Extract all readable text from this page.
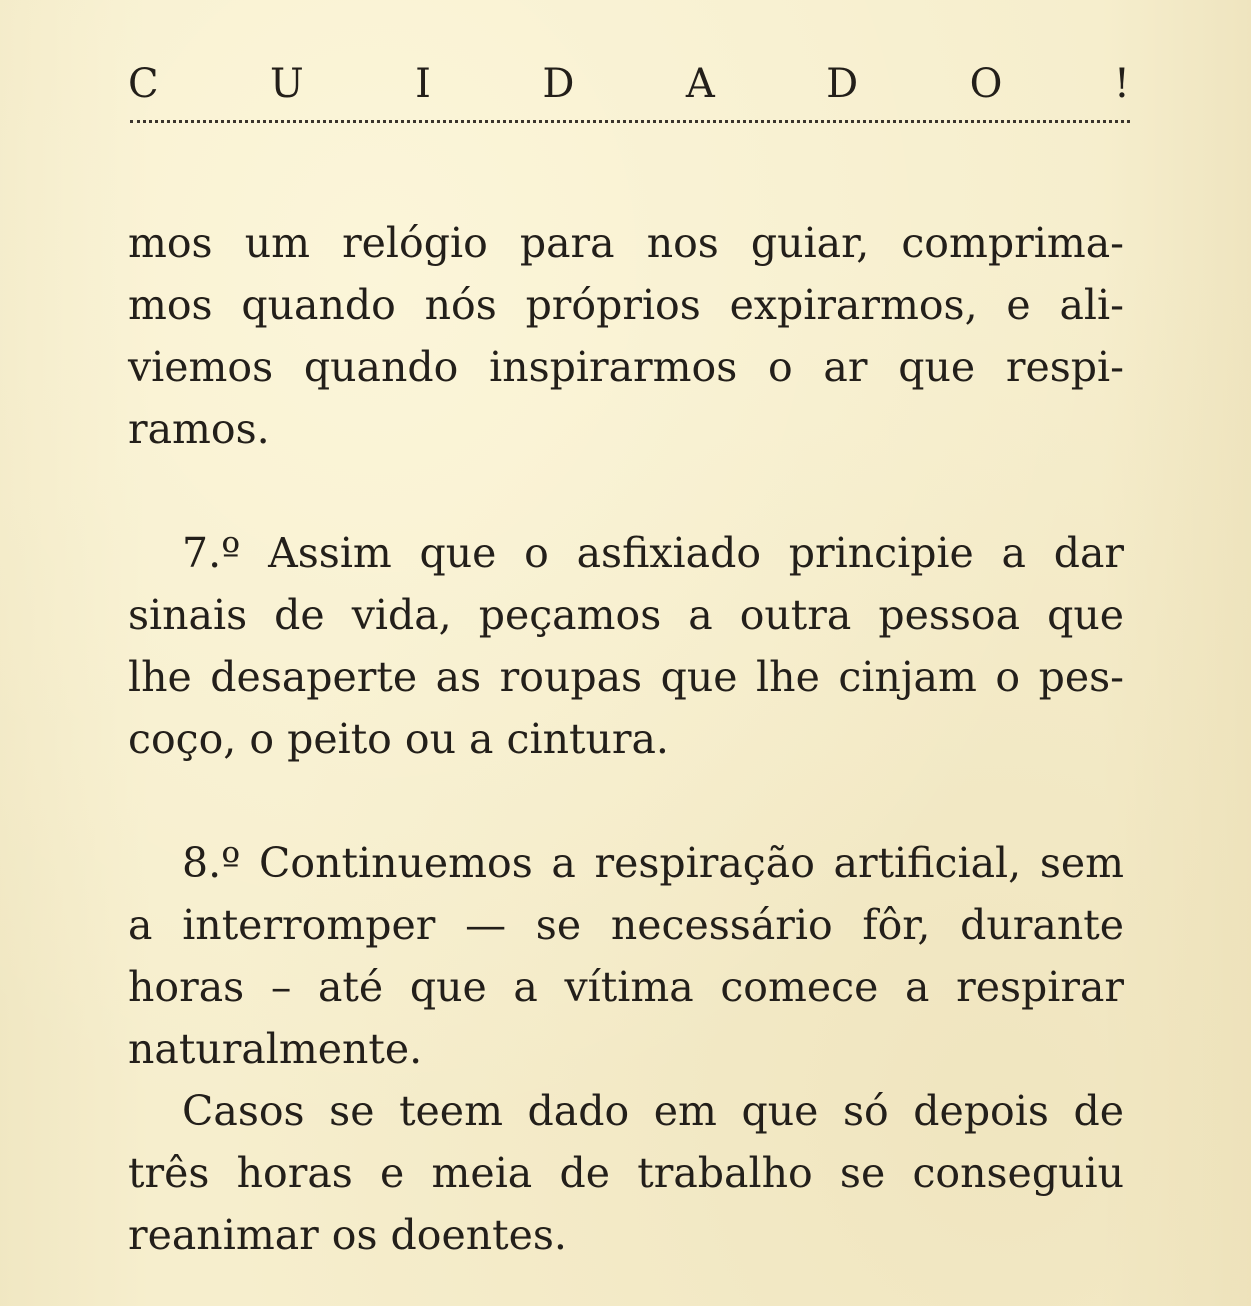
C	U	I	D	A	D	O	!

mos um relógio para nos guiar, comprima-
mos quando nós próprios expirarmos, e ali-
viemos quando inspirarmos o ar que respi-
ramos.

7.º Assim que o asfixiado principie a dar
sinais de vida, peçamos a outra pessoa que
lhe desaperte as roupas que lhe cinjam o pes-
coço, o peito ou a cintura.

8.º Continuemos a respiração artificial, sem
a interromper — se necessário fôr, durante
horas – até que a vítima comece a respirar
naturalmente.

Casos se teem dado em que só depois de
três horas e meia de trabalho se conseguiu
reanimar os doentes.
